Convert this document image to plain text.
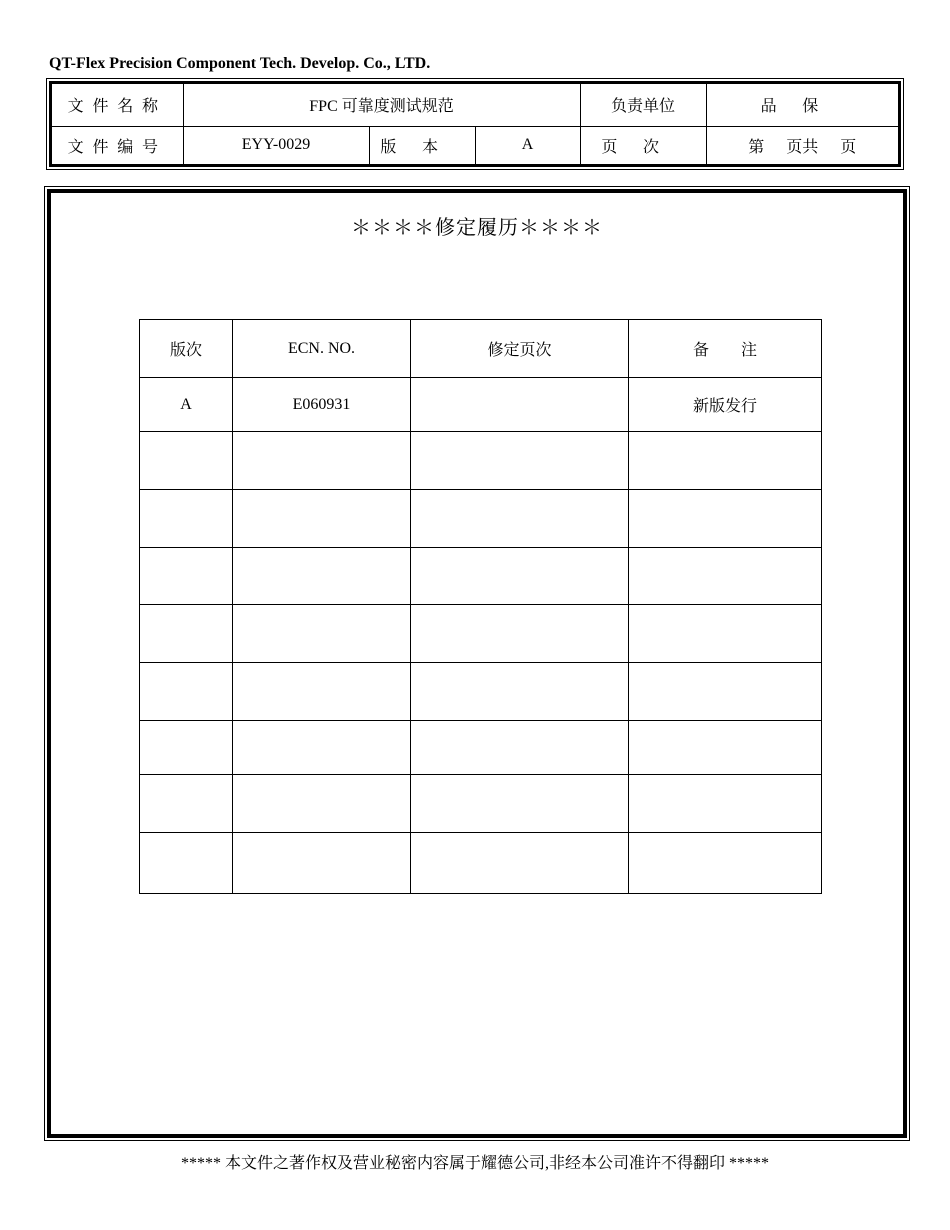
QT-Flex Precision Component Tech. Develop. Co., LTD.
文件名称	FPC 可靠度测试规范			负责单位	品保
文件编号	EYY-0029	版本	A	页次	第 页共 页
＊＊＊＊修定履历＊＊＊＊
版次	ECN. NO.	修定页次	备　　注
A	E060931		新版发行

***** 本文件之著作权及营业秘密内容属于耀德公司,非经本公司准许不得翻印 *****
